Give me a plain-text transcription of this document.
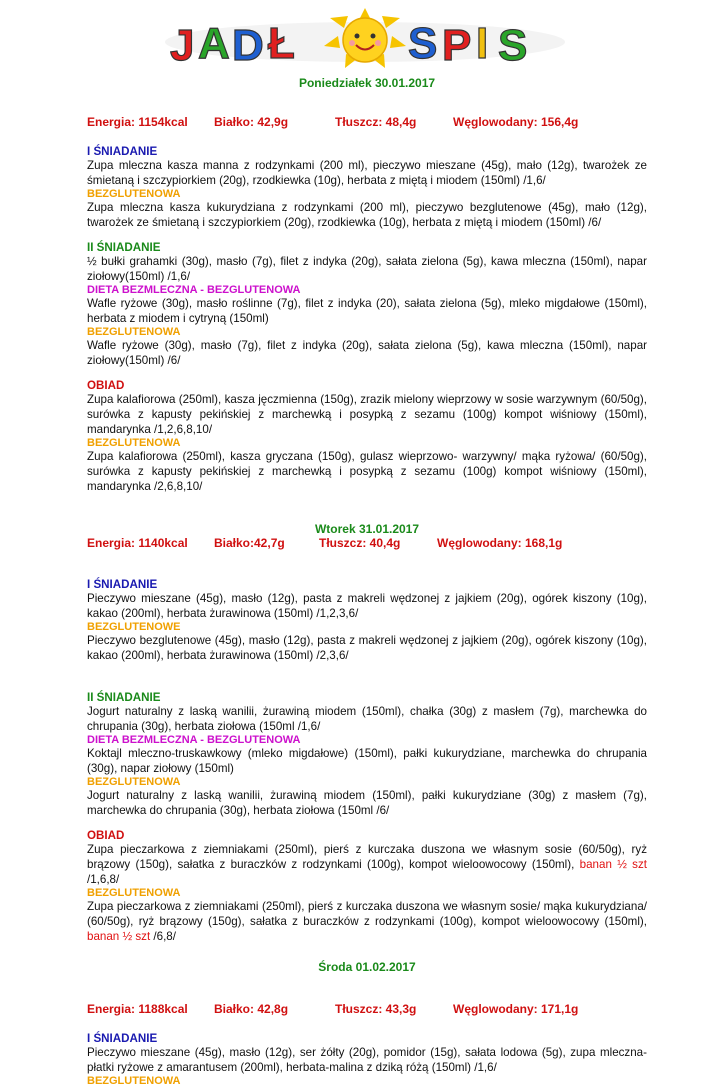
J A D Ł	S P I S
Poniedziałek 30.01.2017
Energia: 1154kcal	Białko: 42,9g	Tłuszcz: 48,4g	Węglowodany: 156,4g
I ŚNIADANIE
Zupa mleczna kasza manna z rodzynkami (200 ml), pieczywo mieszane (45g), mało (12g), twarożek ze śmietaną i szczypiorkiem (20g), rzodkiewka (10g), herbata z miętą i miodem (150ml) /1,6/
BEZGLUTENOWA
Zupa mleczna kasza kukurydziana z rodzynkami (200 ml), pieczywo bezglutenowe (45g), mało (12g), twarożek ze śmietaną i szczypiorkiem (20g), rzodkiewka (10g), herbata z miętą i miodem (150ml) /6/
II ŚNIADANIE
½ bułki grahamki (30g), masło (7g), filet z indyka (20g), sałata zielona (5g), kawa mleczna (150ml), napar ziołowy(150ml) /1,6/
DIETA BEZMLECZNA - BEZGLUTENOWA
Wafle ryżowe (30g), masło roślinne (7g), filet z indyka (20), sałata zielona (5g), mleko migdałowe (150ml), herbata z miodem i cytryną (150ml)
BEZGLUTENOWA
Wafle ryżowe (30g), masło (7g), filet z indyka (20g), sałata zielona (5g), kawa mleczna (150ml), napar ziołowy(150ml) /6/
OBIAD
Zupa kalafiorowa (250ml), kasza jęczmienna (150g), zrazik mielony wieprzowy w sosie warzywnym (60/50g), surówka z kapusty pekińskiej z marchewką i posypką z sezamu (100g) kompot wiśniowy (150ml), mandarynka /1,2,6,8,10/
BEZGLUTENOWA
Zupa kalafiorowa (250ml), kasza gryczana (150g), gulasz wieprzowo- warzywny/ mąka ryżowa/ (60/50g), surówka z kapusty pekińskiej z marchewką i posypką z sezamu (100g) kompot wiśniowy (150ml), mandarynka /2,6,8,10/
Wtorek 31.01.2017
Energia: 1140kcal	Białko:42,7g	Tłuszcz: 40,4g	Węglowodany: 168,1g
I ŚNIADANIE
Pieczywo mieszane (45g), masło (12g), pasta z makreli wędzonej z jajkiem (20g), ogórek kiszony (10g), kakao (200ml), herbata żurawinowa (150ml) /1,2,3,6/
BEZGLUTENOWE
Pieczywo bezglutenowe (45g), masło (12g), pasta z makreli wędzonej z jajkiem (20g), ogórek kiszony (10g), kakao (200ml), herbata żurawinowa (150ml) /2,3,6/
II ŚNIADANIE
Jogurt naturalny z laską wanilii, żurawiną miodem (150ml), chałka (30g) z masłem (7g), marchewka do chrupania (30g), herbata ziołowa (150ml /1,6/
DIETA BEZMLECZNA - BEZGLUTENOWA
Koktajl mleczno-truskawkowy (mleko migdałowe) (150ml), pałki kukurydziane, marchewka do chrupania (30g), napar ziołowy (150ml)
BEZGLUTENOWA
Jogurt naturalny z laską wanilii, żurawiną miodem (150ml), pałki kukurydziane (30g) z masłem (7g), marchewka do chrupania (30g), herbata ziołowa (150ml /6/
OBIAD
Zupa pieczarkowa z ziemniakami (250ml), pierś z kurczaka duszona we własnym sosie (60/50g), ryż brązowy (150g), sałatka z buraczków z rodzynkami (100g), kompot wieloowocowy (150ml), banan ½ szt /1,6,8/
BEZGLUTENOWA
Zupa pieczarkowa z ziemniakami (250ml), pierś z kurczaka duszona we własnym sosie/ mąka kukurydziana/ (60/50g), ryż brązowy (150g), sałatka z buraczków z rodzynkami (100g), kompot wieloowocowy (150ml), banan ½ szt /6,8/
Środa 01.02.2017
Energia: 1188kcal	Białko: 42,8g	Tłuszcz: 43,3g	Węglowodany: 171,1g
I ŚNIADANIE
Pieczywo mieszane (45g), masło (12g), ser żółty (20g), pomidor (15g), sałata lodowa (5g), zupa mleczna-płatki ryżowe z amarantusem (200ml), herbata-malina z dziką różą (150ml) /1,6/
BEZGLUTENOWA
